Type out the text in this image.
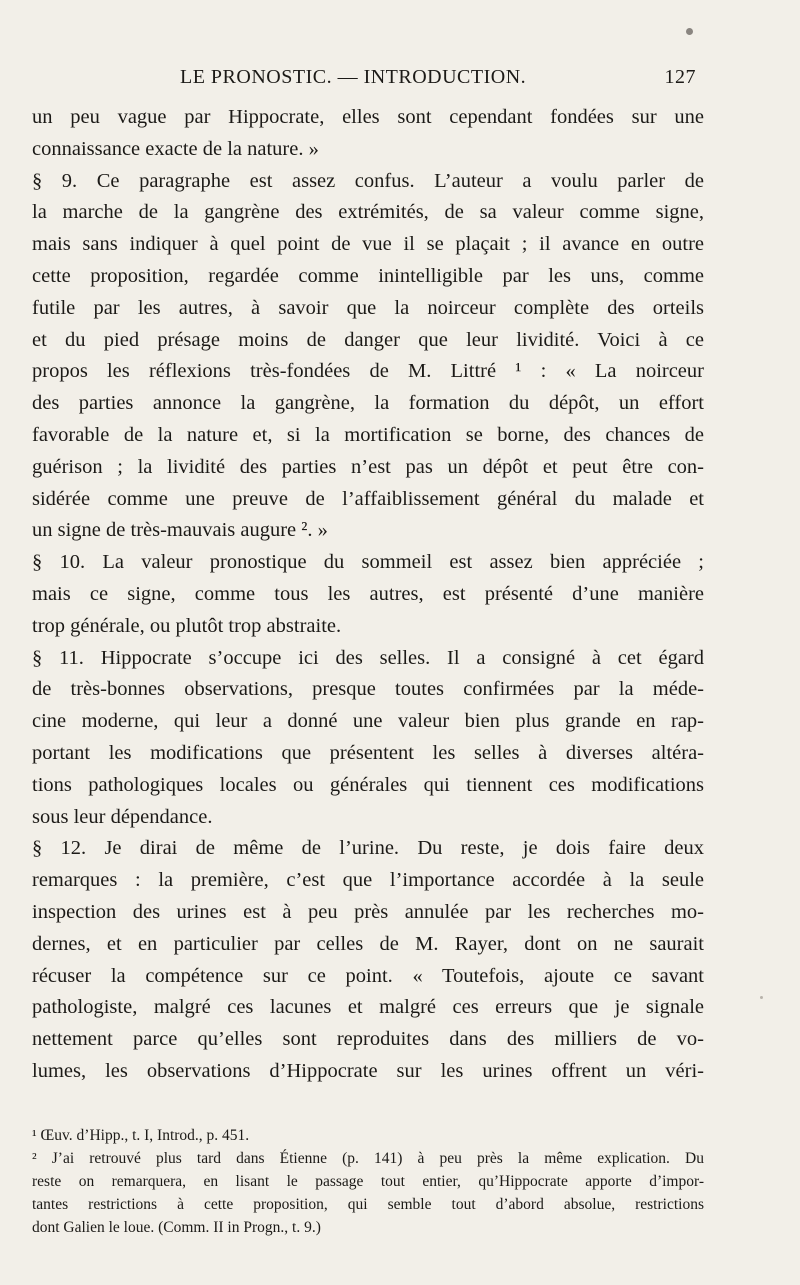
LE PRONOSTIC. — INTRODUCTION.	127
un peu vague par Hippocrate, elles sont cependant fondées sur une
connaissance exacte de la nature. »
§ 9. Ce paragraphe est assez confus. L’auteur a voulu parler de
la marche de la gangrène des extrémités, de sa valeur comme signe,
mais sans indiquer à quel point de vue il se plaçait ; il avance en outre
cette proposition, regardée comme inintelligible par les uns, comme
futile par les autres, à savoir que la noirceur complète des orteils
et du pied présage moins de danger que leur lividité. Voici à ce
propos les réflexions très-fondées de M. Littré ¹ : « La noirceur
des parties annonce la gangrène, la formation du dépôt, un effort
favorable de la nature et, si la mortification se borne, des chances de
guérison ; la lividité des parties n’est pas un dépôt et peut être con-
sidérée comme une preuve de l’affaiblissement général du malade et
un signe de très-mauvais augure ². »
§ 10. La valeur pronostique du sommeil est assez bien appréciée ;
mais ce signe, comme tous les autres, est présenté d’une manière
trop générale, ou plutôt trop abstraite.
§ 11. Hippocrate s’occupe ici des selles. Il a consigné à cet égard
de très-bonnes observations, presque toutes confirmées par la méde-
cine moderne, qui leur a donné une valeur bien plus grande en rap-
portant les modifications que présentent les selles à diverses altéra-
tions pathologiques locales ou générales qui tiennent ces modifications
sous leur dépendance.
§ 12. Je dirai de même de l’urine. Du reste, je dois faire deux
remarques : la première, c’est que l’importance accordée à la seule
inspection des urines est à peu près annulée par les recherches mo-
dernes, et en particulier par celles de M. Rayer, dont on ne saurait
récuser la compétence sur ce point. « Toutefois, ajoute ce savant
pathologiste, malgré ces lacunes et malgré ces erreurs que je signale
nettement parce qu’elles sont reproduites dans des milliers de vo-
lumes, les observations d’Hippocrate sur les urines offrent un véri-
¹ Œuv. d’Hipp., t. I, Introd., p. 451.
² J’ai retrouvé plus tard dans Étienne (p. 141) à peu près la même explication. Du
reste on remarquera, en lisant le passage tout entier, qu’Hippocrate apporte d’impor-
tantes restrictions à cette proposition, qui semble tout d’abord absolue, restrictions
dont Galien le loue. (Comm. II in Progn., t. 9.)
